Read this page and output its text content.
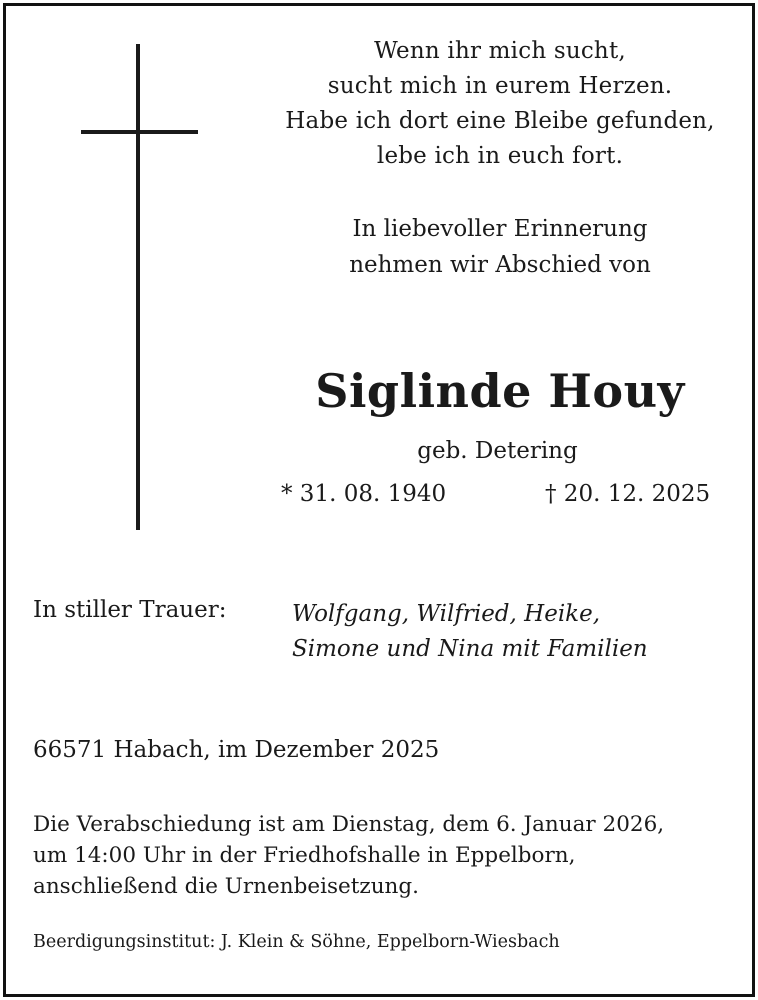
Wenn ihr mich sucht,
sucht mich in eurem Herzen.
Habe ich dort eine Bleibe gefunden,
lebe ich in euch fort.
In liebevoller Erinnerung
nehmen wir Abschied von
Siglinde Houy
geb. Detering
* 31. 08. 1940	† 20. 12. 2025
In stiller Trauer:	Wolfgang, Wilfried, Heike,
Simone und Nina mit Familien
66571 Habach, im Dezember 2025
Die Verabschiedung ist am Dienstag, dem 6. Januar 2026,
um 14:00 Uhr in der Friedhofshalle in Eppelborn,
anschließend die Urnenbeisetzung.
Beerdigungsinstitut: J. Klein & Söhne, Eppelborn-Wiesbach
